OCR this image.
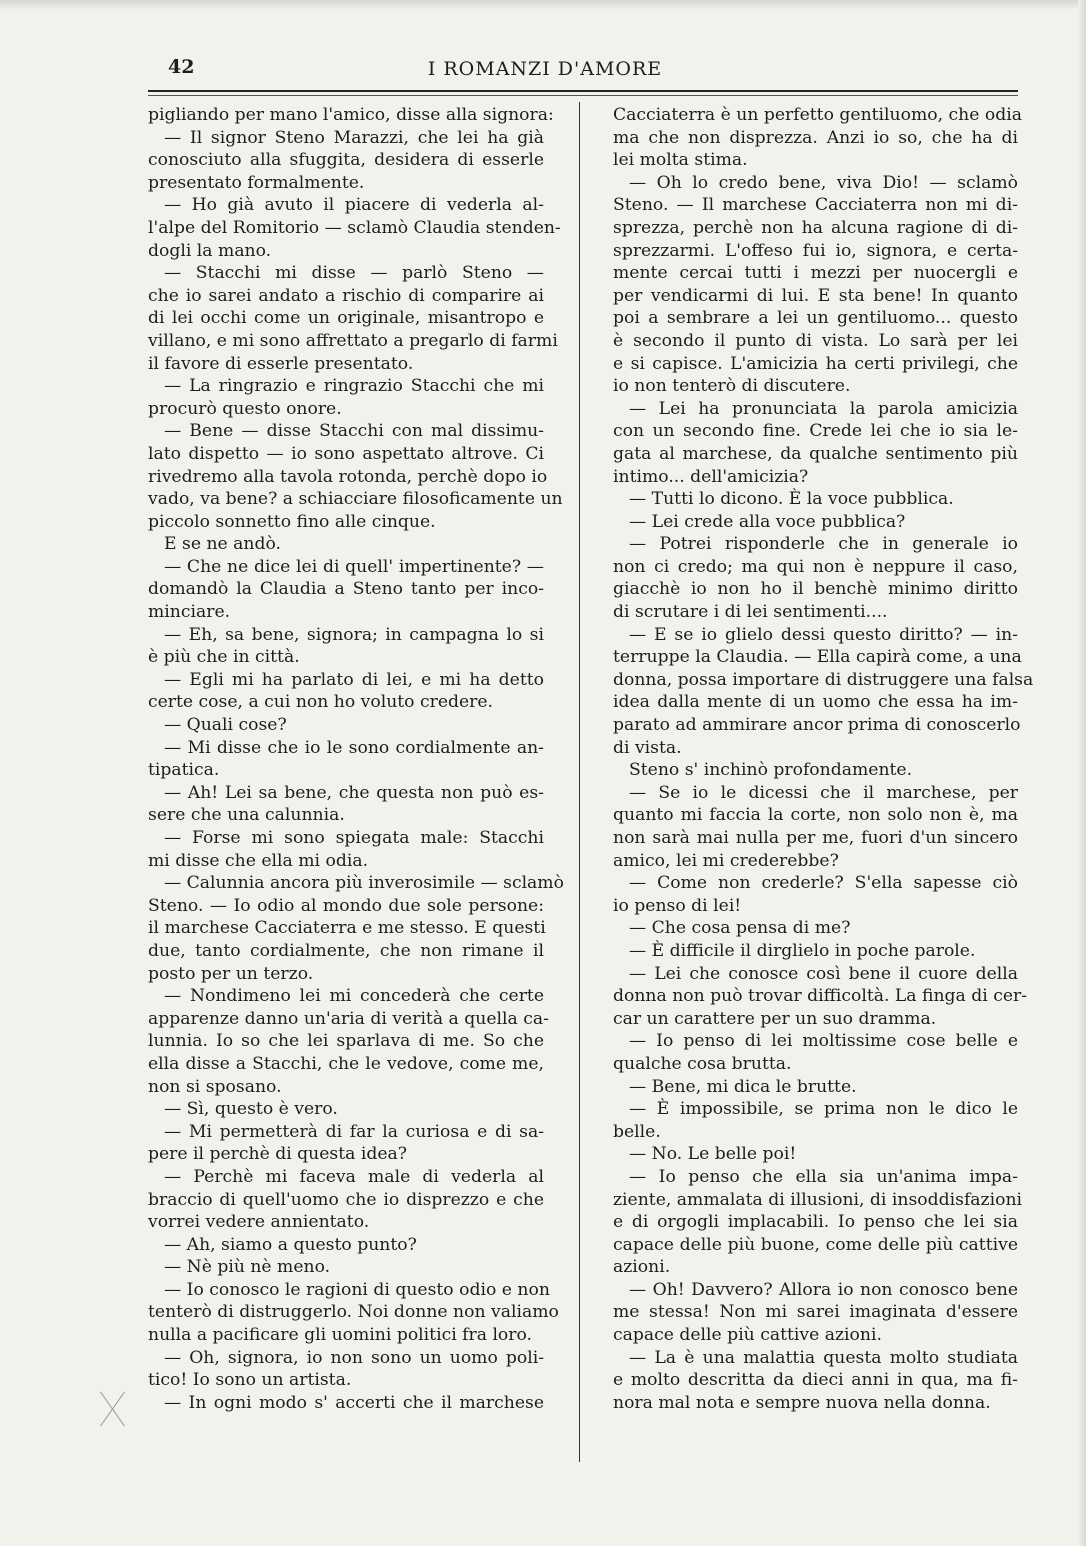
42	I ROMANZI D'AMORE
pigliando per mano l'amico, disse alla signora:
— Il signor Steno Marazzi, che lei ha già
conosciuto alla sfuggita, desidera di esserle
presentato formalmente.
— Ho già avuto il piacere di vederla al-
l'alpe del Romitorio — sclamò Claudia stenden-
dogli la mano.
— Stacchi mi disse — parlò Steno —
che io sarei andato a rischio di comparire ai
di lei occhi come un originale, misantropo e
villano, e mi sono affrettato a pregarlo di farmi
il favore di esserle presentato.
— La ringrazio e ringrazio Stacchi che mi
procurò questo onore.
— Bene — disse Stacchi con mal dissimu-
lato dispetto — io sono aspettato altrove. Ci
rivedremo alla tavola rotonda, perchè dopo io
vado, va bene? a schiacciare filosoficamente un
piccolo sonnetto fino alle cinque.
E se ne andò.
— Che ne dice lei di quell' impertinente? —
domandò la Claudia a Steno tanto per inco-
minciare.
— Eh, sa bene, signora; in campagna lo si
è più che in città.
— Egli mi ha parlato di lei, e mi ha detto
certe cose, a cui non ho voluto credere.
— Quali cose?
— Mi disse che io le sono cordialmente an-
tipatica.
— Ah! Lei sa bene, che questa non può es-
sere che una calunnia.
— Forse mi sono spiegata male: Stacchi
mi disse che ella mi odia.
— Calunnia ancora più inverosimile — sclamò
Steno. — Io odio al mondo due sole persone:
il marchese Cacciaterra e me stesso. E questi
due, tanto cordialmente, che non rimane il
posto per un terzo.
— Nondimeno lei mi concederà che certe
apparenze danno un'aria di verità a quella ca-
lunnia. Io so che lei sparlava di me. So che
ella disse a Stacchi, che le vedove, come me,
non si sposano.
— Sì, questo è vero.
— Mi permetterà di far la curiosa e di sa-
pere il perchè di questa idea?
— Perchè mi faceva male di vederla al
braccio di quell'uomo che io disprezzo e che
vorrei vedere annientato.
— Ah, siamo a questo punto?
— Nè più nè meno.
— Io conosco le ragioni di questo odio e non
tenterò di distruggerlo. Noi donne non valiamo
nulla a pacificare gli uomini politici fra loro.
— Oh, signora, io non sono un uomo poli-
tico! Io sono un artista.
— In ogni modo s' accerti che il marchese
Cacciaterra è un perfetto gentiluomo, che odia
ma che non disprezza. Anzi io so, che ha di
lei molta stima.
— Oh lo credo bene, viva Dio! — sclamò
Steno. — Il marchese Cacciaterra non mi di-
sprezza, perchè non ha alcuna ragione di di-
sprezzarmi. L'offeso fui io, signora, e certa-
mente cercai tutti i mezzi per nuocergli e
per vendicarmi di lui. E sta bene! In quanto
poi a sembrare a lei un gentiluomo... questo
è secondo il punto di vista. Lo sarà per lei
e si capisce. L'amicizia ha certi privilegi, che
io non tenterò di discutere.
— Lei ha pronunciata la parola amicizia
con un secondo fine. Crede lei che io sia le-
gata al marchese, da qualche sentimento più
intimo... dell'amicizia?
— Tutti lo dicono. È la voce pubblica.
— Lei crede alla voce pubblica?
— Potrei risponderle che in generale io
non ci credo; ma qui non è neppure il caso,
giacchè io non ho il benchè minimo diritto
di scrutare i di lei sentimenti....
— E se io glielo dessi questo diritto? — in-
terruppe la Claudia. — Ella capirà come, a una
donna, possa importare di distruggere una falsa
idea dalla mente di un uomo che essa ha im-
parato ad ammirare ancor prima di conoscerlo
di vista.
Steno s' inchinò profondamente.
— Se io le dicessi che il marchese, per
quanto mi faccia la corte, non solo non è, ma
non sarà mai nulla per me, fuori d'un sincero
amico, lei mi crederebbe?
— Come non crederle? S'ella sapesse ciò
io penso di lei!
— Che cosa pensa di me?
— È difficile il dirglielo in poche parole.
— Lei che conosce così bene il cuore della
donna non può trovar difficoltà. La finga di cer-
car un carattere per un suo dramma.
— Io penso di lei moltissime cose belle e
qualche cosa brutta.
— Bene, mi dica le brutte.
— È impossibile, se prima non le dico le
belle.
— No. Le belle poi!
— Io penso che ella sia un'anima impa-
ziente, ammalata di illusioni, di insoddisfazioni
e di orgogli implacabili. Io penso che lei sia
capace delle più buone, come delle più cattive
azioni.
— Oh! Davvero? Allora io non conosco bene
me stessa! Non mi sarei imaginata d'essere
capace delle più cattive azioni.
— La è una malattia questa molto studiata
e molto descritta da dieci anni in qua, ma fi-
nora mal nota e sempre nuova nella donna.
